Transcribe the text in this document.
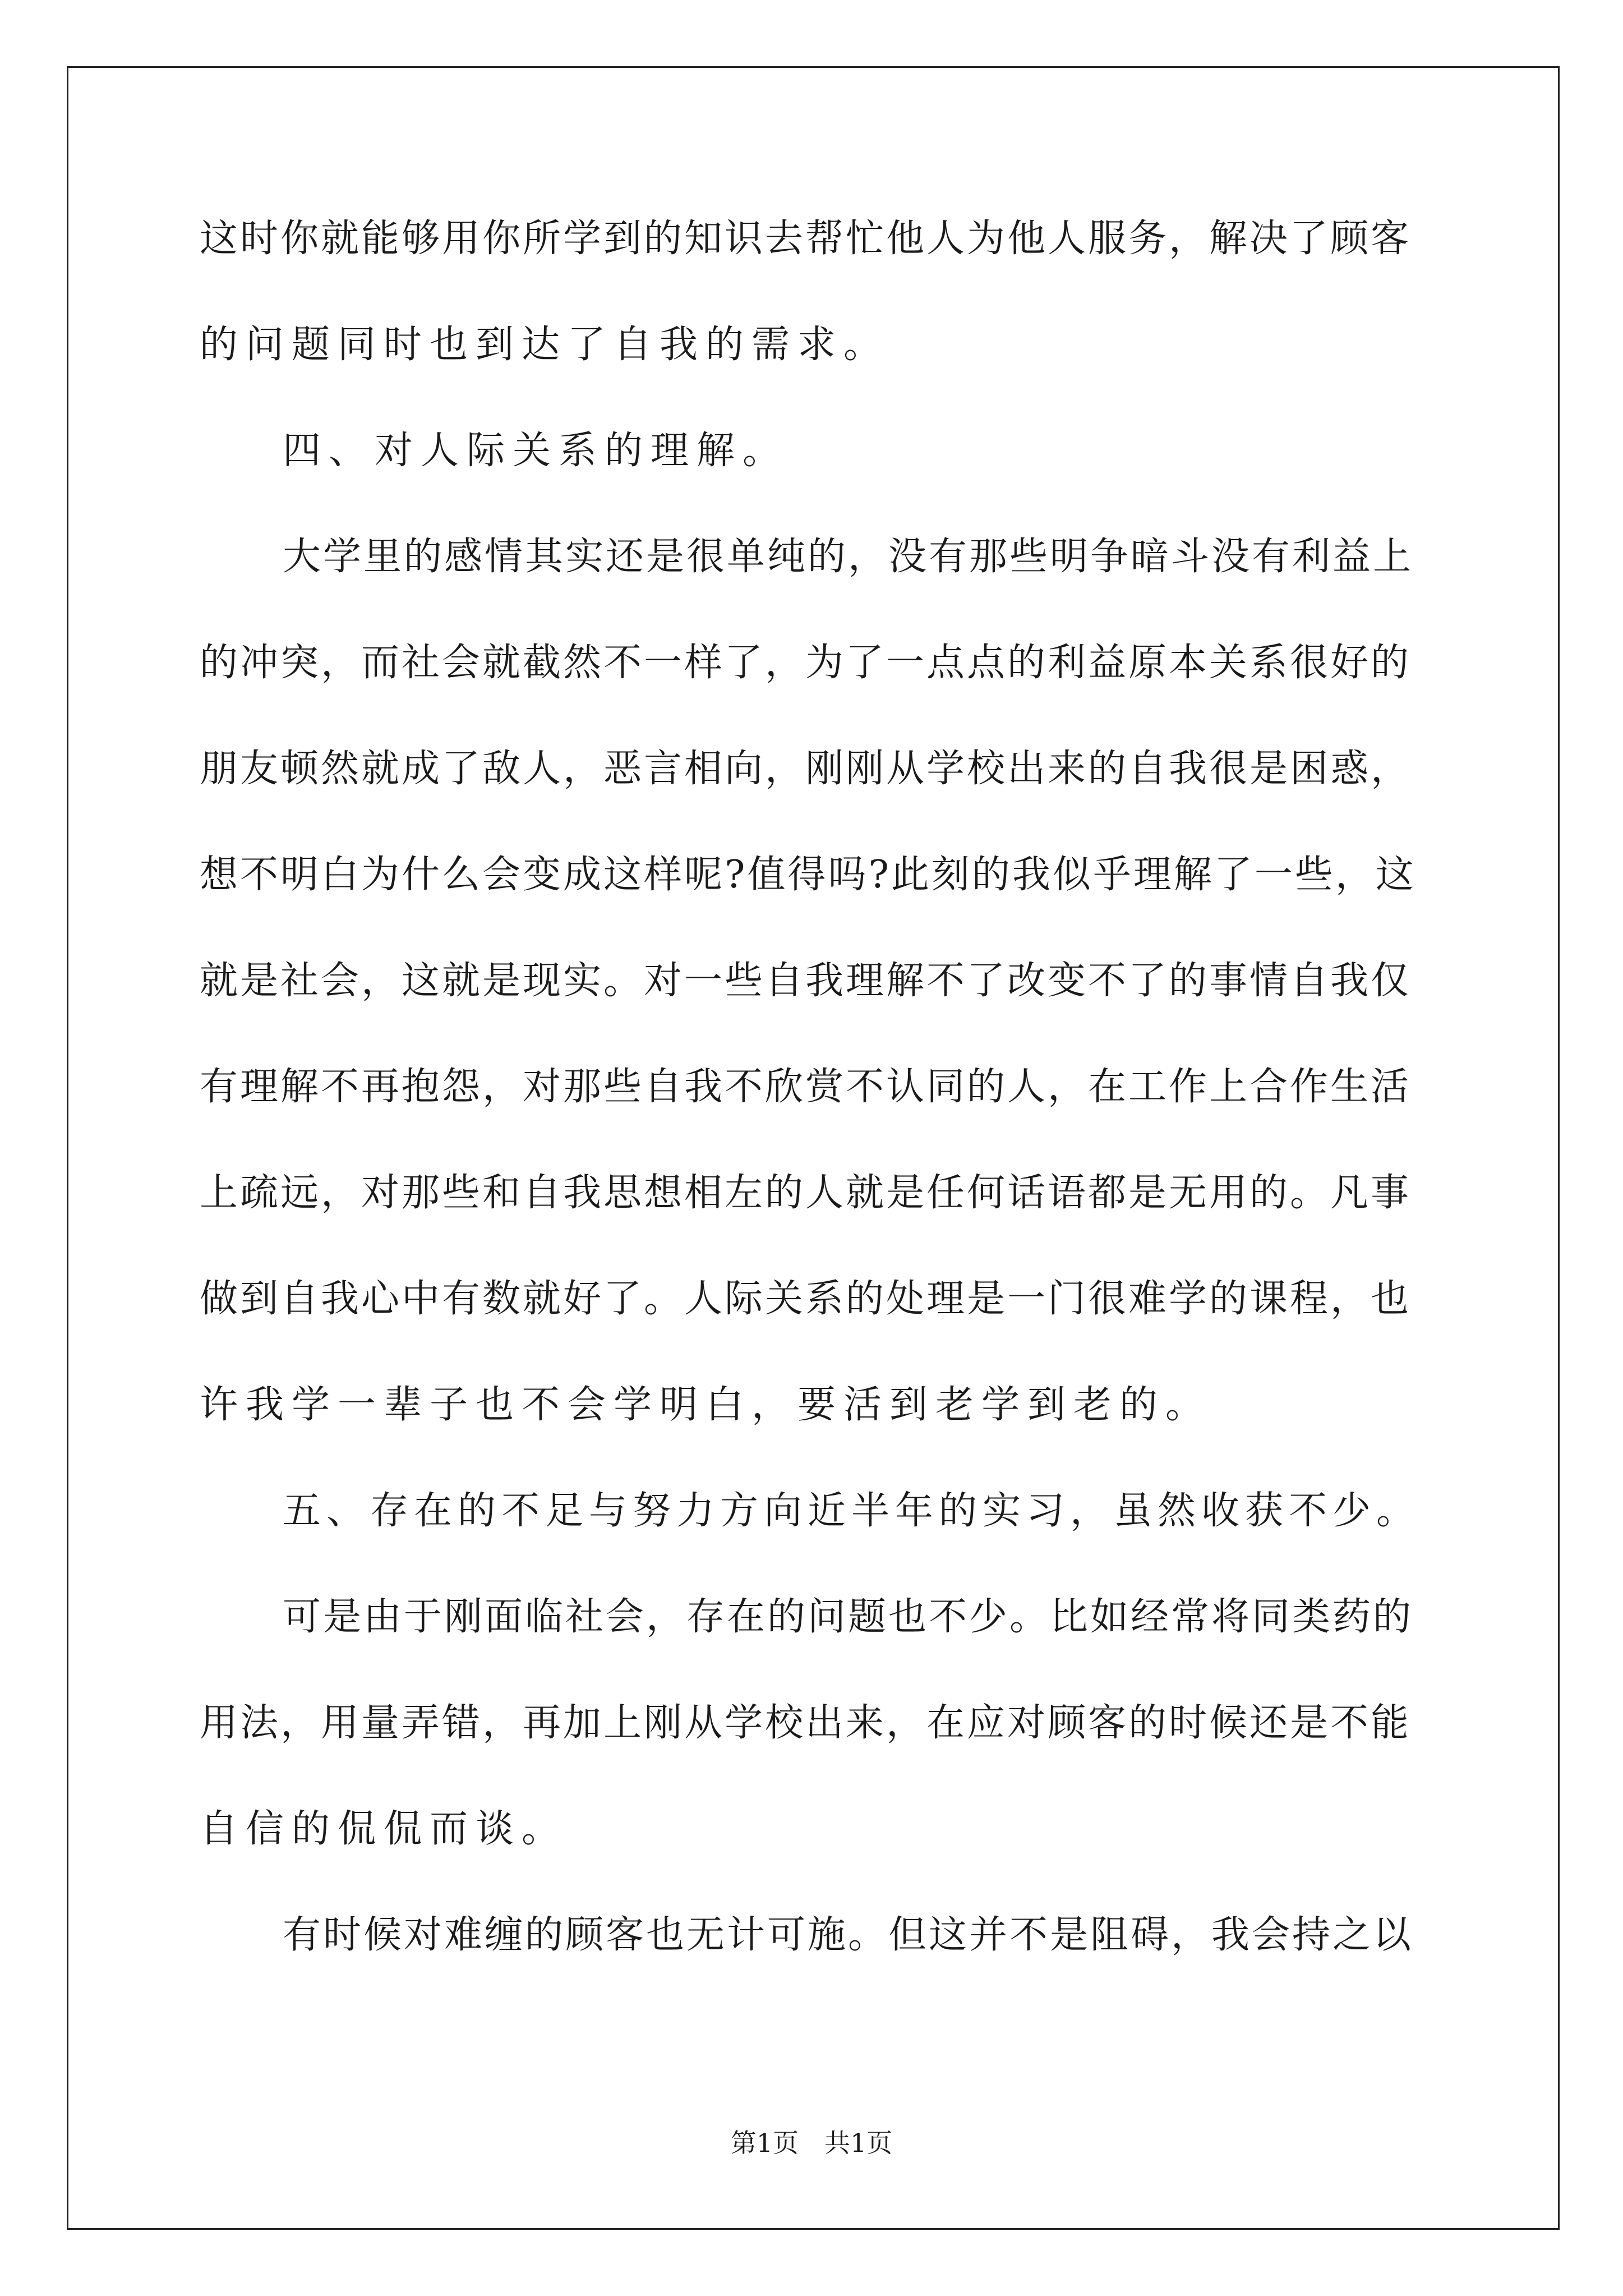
这时你就能够用你所学到的知识去帮忙他人为他人服务，解决了顾客

的问题同时也到达了自我的需求。

四、对人际关系的理解。

大学里的感情其实还是很单纯的，没有那些明争暗斗没有利益上

的冲突，而社会就截然不一样了，为了一点点的利益原本关系很好的

朋友顿然就成了敌人，恶言相向，刚刚从学校出来的自我很是困惑，

想不明白为什么会变成这样呢?值得吗?此刻的我似乎理解了一些，这

就是社会，这就是现实。对一些自我理解不了改变不了的事情自我仅

有理解不再抱怨，对那些自我不欣赏不认同的人，在工作上合作生活

上疏远，对那些和自我思想相左的人就是任何话语都是无用的。凡事

做到自我心中有数就好了。人际关系的处理是一门很难学的课程，也

许我学一辈子也不会学明白，要活到老学到老的。

五、存在的不足与努力方向近半年的实习，虽然收获不少。

可是由于刚面临社会，存在的问题也不少。比如经常将同类药的

用法，用量弄错，再加上刚从学校出来，在应对顾客的时候还是不能

自信的侃侃而谈。

有时候对难缠的顾客也无计可施。但这并不是阻碍，我会持之以

第1页　共1页
